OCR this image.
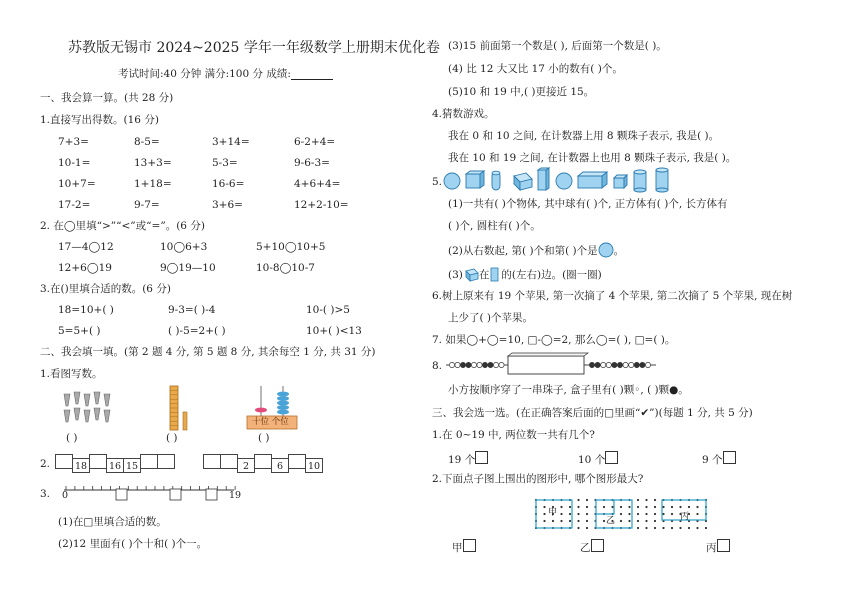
苏教版无锡市 2024~2025 学年一年级数学上册期末优化卷
考试时间:40 分钟 满分:100 分 成绩:
一、我会算一算。(共 28 分)
1.直接写出得数。(16 分)
7+3=	8-5=	3+14=	6-2+4=
10-1=	13+3=	5-3=	9-6-3=
10+7=	1+18=	16-6=	4+6+4=
17-2=	9-7=	3+6=	12+2-10=
2. 在◯里填“>”“<”或“=”。(6 分)
17—4◯12	10◯6+3	5+10◯10+5
12+6◯19	9◯19—10	10-8◯10-7
3.在()里填合适的数。(6 分)
18=10+( )	9-3=( )-4	10-( )>5
5=5+( )	( )-5=2+( )	10+( )<13
二、我会填一填。(第 2 题 4 分, 第 5 题 8 分, 其余每空 1 分, 共 31 分)
1.看图写数。
( )	( )
十位 个位
( )
2.	18 16 15	2	6	10
3. 0	19
(1)在□里填合适的数。
(2)12 里面有( )个十和( )个一。
(3)15 前面第一个数是( ), 后面第一个数是( )。
(4) 比 12 大又比 17 小的数有( )个。
(5)10 和 19 中,( )更接近 15。
4.猜数游戏。
我在 0 和 10 之间, 在计数器上用 8 颗珠子表示, 我是( )。
我在 10 和 19 之间, 在计数器上也用 8 颗珠子表示, 我是( )。
5.
(1)一共有( )个物体, 其中球有( )个, 正方体有( )个, 长方体有
( )个, 圆柱有( )个。
(2)从右数起, 第( )个和第( )个是 。
(3) 在 的(左右)边。(圈一圈)
6.树上原来有 19 个苹果, 第一次摘了 4 个苹果, 第二次摘了 5 个苹果, 现在树
上少了( )个苹果。
7. 如果◯+◯=10, □-◯=2, 那么◯=( ), □=( )。
8.
小方按顺序穿了一串珠子, 盒子里有( )颗◦, ( )颗●。
三、我会选一选。(在正确答案后面的□里画“✔”)(每题 1 分, 共 5 分)
1.在 0~19 中, 两位数一共有几个?
19 个	10 个	9 个
2.下面点子图上围出的图形中, 哪个图形最大?
甲
乙	丙
甲	乙	丙
